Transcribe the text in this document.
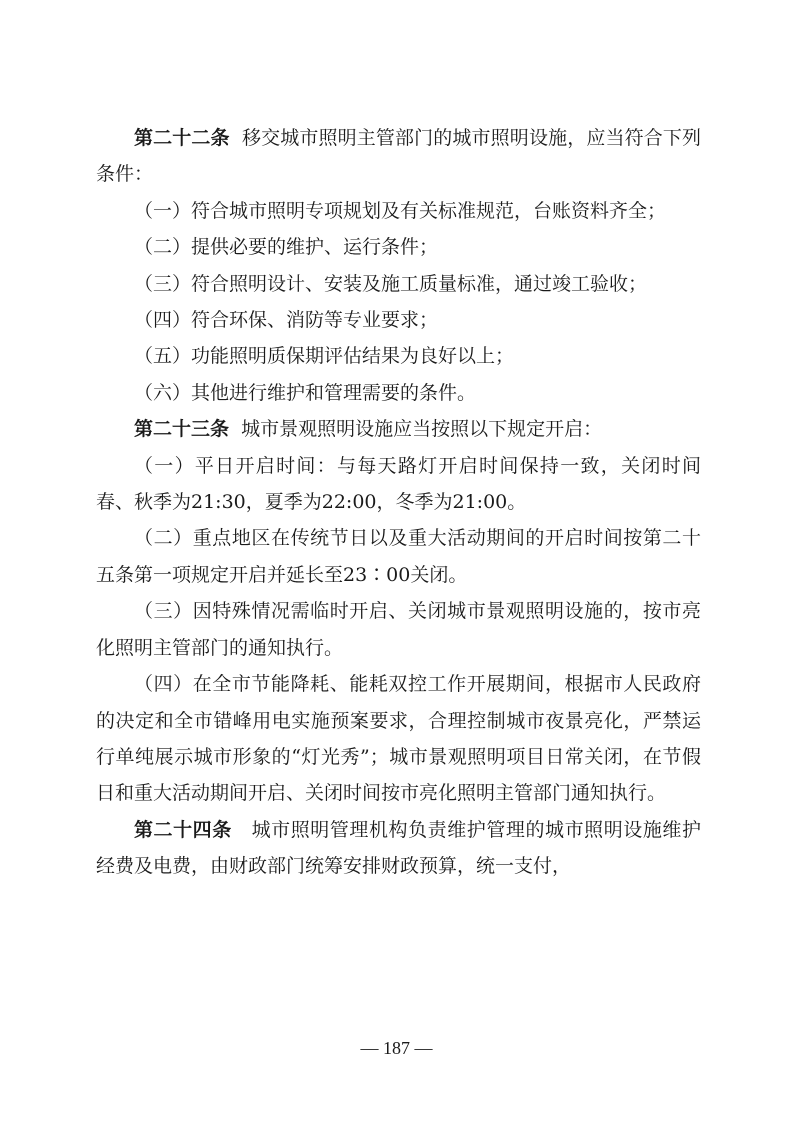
第二十二条 移交城市照明主管部门的城市照明设施，应当符合下列条件：

（一）符合城市照明专项规划及有关标准规范，台账资料齐全；

（二）提供必要的维护、运行条件；

（三）符合照明设计、安装及施工质量标准，通过竣工验收；

（四）符合环保、消防等专业要求；

（五）功能照明质保期评估结果为良好以上；

（六）其他进行维护和管理需要的条件。

第二十三条 城市景观照明设施应当按照以下规定开启：

（一）平日开启时间：与每天路灯开启时间保持一致，关闭时间春、秋季为21:30，夏季为22:00，冬季为21:00。

（二）重点地区在传统节日以及重大活动期间的开启时间按第二十五条第一项规定开启并延长至23∶00关闭。

（三）因特殊情况需临时开启、关闭城市景观照明设施的，按市亮化照明主管部门的通知执行。

（四）在全市节能降耗、能耗双控工作开展期间，根据市人民政府的决定和全市错峰用电实施预案要求，合理控制城市夜景亮化，严禁运行单纯展示城市形象的“灯光秀”；城市景观照明项目日常关闭，在节假日和重大活动期间开启、关闭时间按市亮化照明主管部门通知执行。

第二十四条 城市照明管理机构负责维护管理的城市照明设施维护经费及电费，由财政部门统筹安排财政预算，统一支付，

— 187 —
